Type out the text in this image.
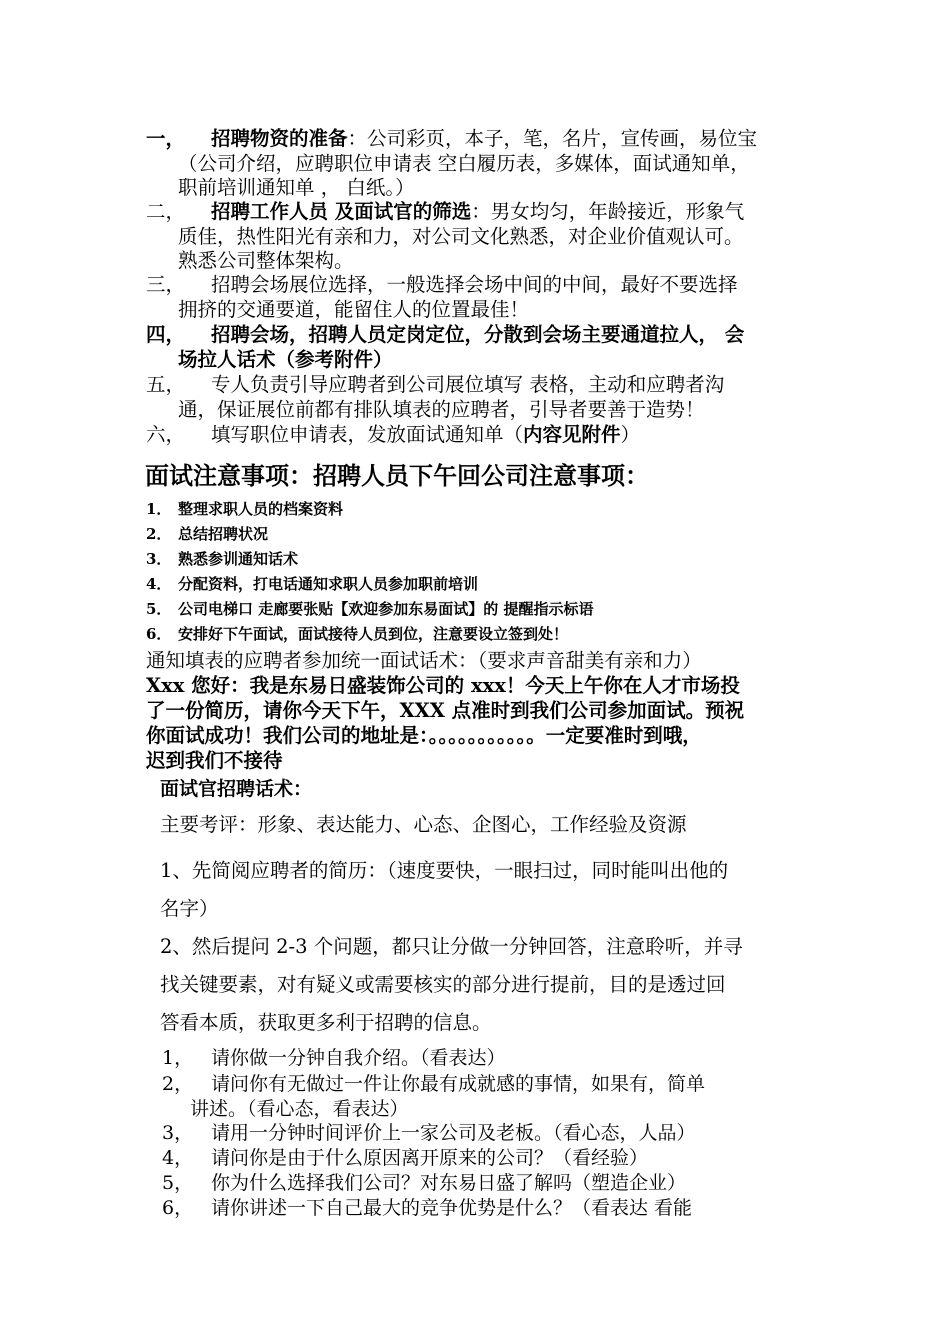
一，	招聘物资的准备：公司彩页，本子，笔，名片，宣传画，易位宝
（公司介绍，应聘职位申请表 空白履历表，多媒体，面试通知单，
职前培训通知单 ， 白纸。）
二，	招聘工作人员 及面试官的筛选：男女均匀，年龄接近，形象气
质佳，热性阳光有亲和力，对公司文化熟悉，对企业价值观认可。
熟悉公司整体架构。
三，	招聘会场展位选择，一般选择会场中间的中间，最好不要选择
拥挤的交通要道，能留住人的位置最佳！
四，	招聘会场，招聘人员定岗定位，分散到会场主要通道拉人， 会
场拉人话术（参考附件）
五，	专人负责引导应聘者到公司展位填写 表格，主动和应聘者沟
通，保证展位前都有排队填表的应聘者，引导者要善于造势！
六，	填写职位申请表，发放面试通知单（内容见附件）
面试注意事项：招聘人员下午回公司注意事项：
1． 整理求职人员的档案资料
2． 总结招聘状况
3． 熟悉参训通知话术
4． 分配资料，打电话通知求职人员参加职前培训
5． 公司电梯口 走廊要张贴【欢迎参加东易面试】的 提醒指示标语
6． 安排好下午面试，面试接待人员到位，注意要设立签到处！
通知填表的应聘者参加统一面试话术：（要求声音甜美有亲和力）
Xxx 您好：我是东易日盛装饰公司的 xxx！今天上午你在人才市场投
了一份简历，请你今天下午，XXX 点准时到我们公司参加面试。预祝
你面试成功！我们公司的地址是：。。。。。。。。。。。一定要准时到哦，
迟到我们不接待
面试官招聘话术：
主要考评：形象、表达能力、心态、企图心，工作经验及资源
1、先简阅应聘者的简历：（速度要快，一眼扫过，同时能叫出他的
名字）
2、然后提问 2-3 个问题，都只让分做一分钟回答，注意聆听，并寻
找关键要素，对有疑义或需要核实的部分进行提前，目的是透过回
答看本质，获取更多利于招聘的信息。
1， 请你做一分钟自我介绍。（看表达）
2， 请问你有无做过一件让你最有成就感的事情，如果有，简单
讲述。（看心态，看表达）
3， 请用一分钟时间评价上一家公司及老板。（看心态，人品）
4， 请问你是由于什么原因离开原来的公司？（看经验）
5， 你为什么选择我们公司？对东易日盛了解吗（塑造企业）
6， 请你讲述一下自己最大的竞争优势是什么？（看表达 看能
